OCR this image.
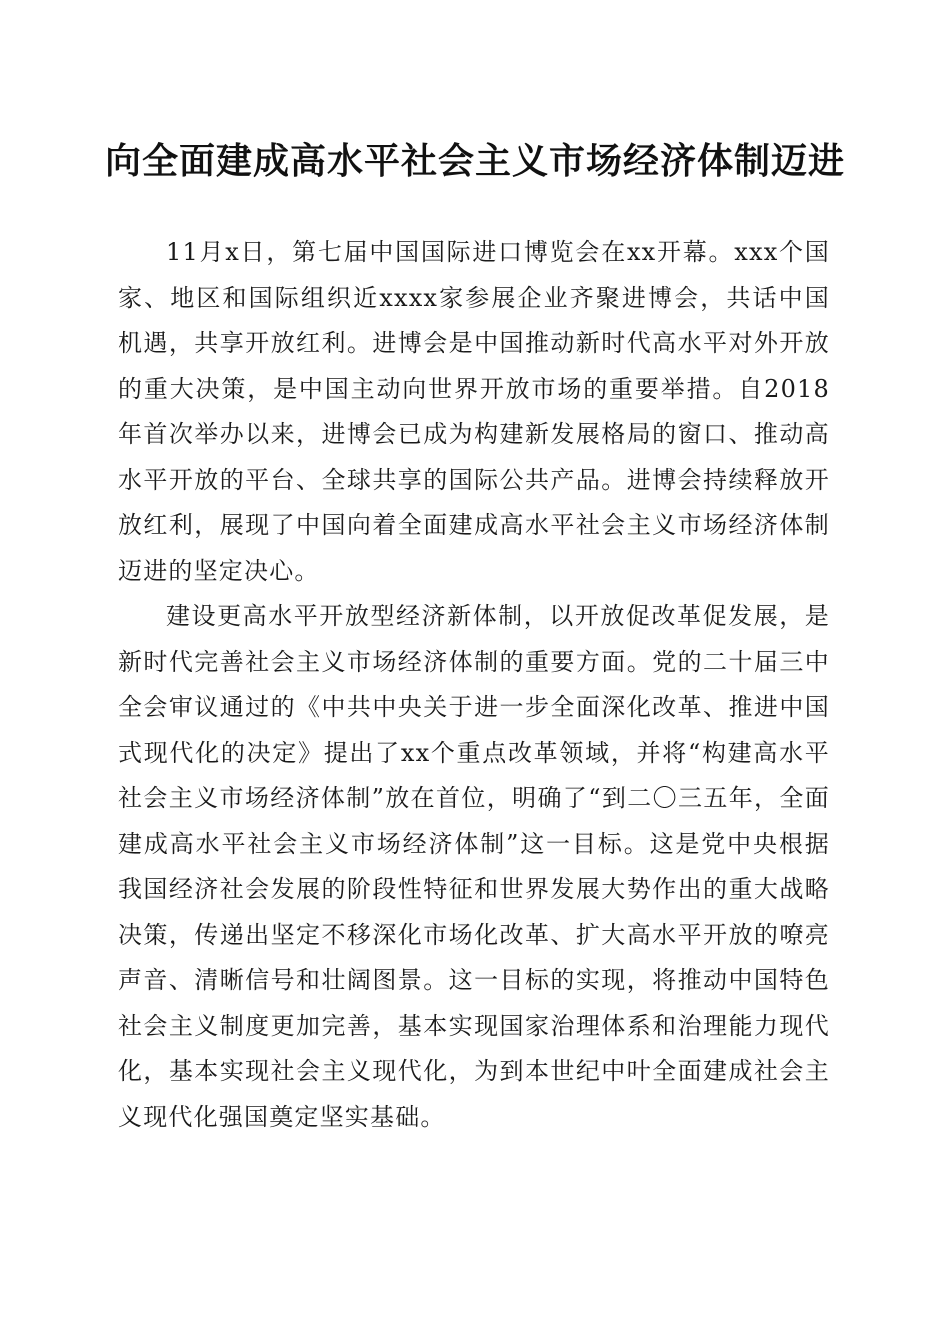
向全面建成高水平社会主义市场经济体制迈进

11月x日，第七届中国国际进口博览会在xx开幕。xxx个国家、地区和国际组织近xxxx家参展企业齐聚进博会，共话中国机遇，共享开放红利。进博会是中国推动新时代高水平对外开放的重大决策，是中国主动向世界开放市场的重要举措。自2018年首次举办以来，进博会已成为构建新发展格局的窗口、推动高水平开放的平台、全球共享的国际公共产品。进博会持续释放开放红利，展现了中国向着全面建成高水平社会主义市场经济体制迈进的坚定决心。

建设更高水平开放型经济新体制，以开放促改革促发展，是新时代完善社会主义市场经济体制的重要方面。党的二十届三中全会审议通过的《中共中央关于进一步全面深化改革、推进中国式现代化的决定》提出了xx个重点改革领域，并将“构建高水平社会主义市场经济体制”放在首位，明确了“到二〇三五年，全面建成高水平社会主义市场经济体制”这一目标。这是党中央根据我国经济社会发展的阶段性特征和世界发展大势作出的重大战略决策，传递出坚定不移深化市场化改革、扩大高水平开放的嘹亮声音、清晰信号和壮阔图景。这一目标的实现，将推动中国特色社会主义制度更加完善，基本实现国家治理体系和治理能力现代化，基本实现社会主义现代化，为到本世纪中叶全面建成社会主义现代化强国奠定坚实基础。
